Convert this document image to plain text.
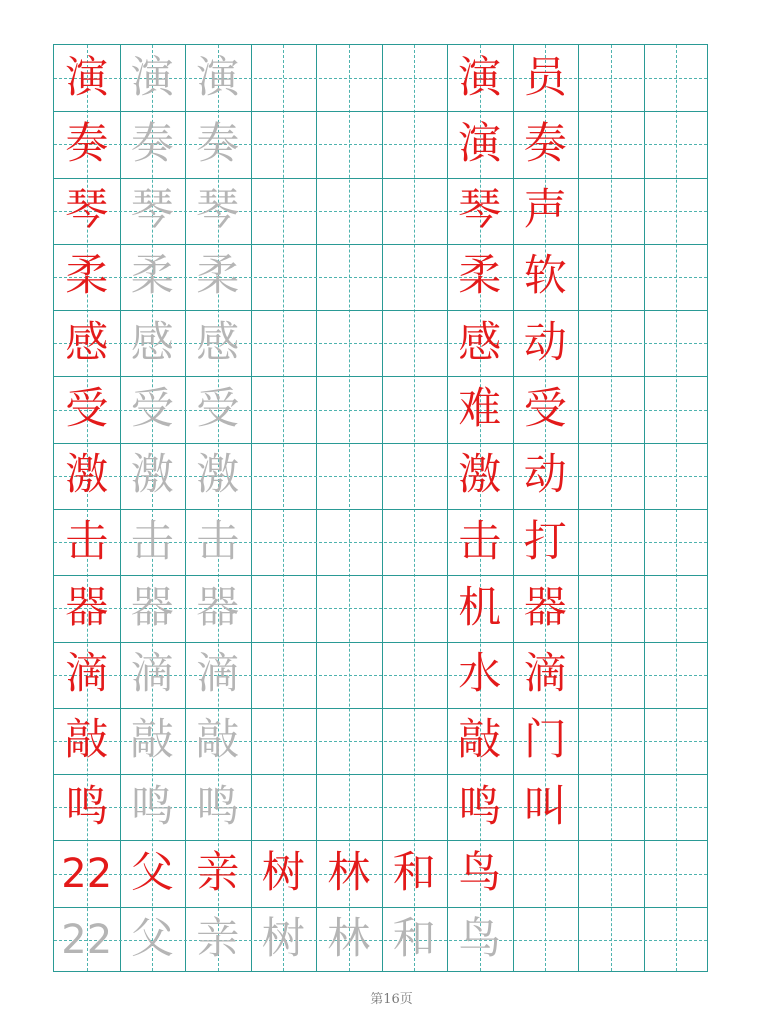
演 演 演	演 员
奏 奏 奏	演 奏
琴 琴 琴	琴 声
柔 柔 柔	柔 软
感 感 感	感 动
受 受 受	难 受
激 激 激	激 动
击 击 击	击 打
器 器 器	机 器
滴 滴 滴	水 滴
敲 敲 敲	敲 门
鸣 鸣 鸣	鸣 叫
22 父 亲 树 林 和 鸟
22 父 亲 树 林 和 鸟
第16页
